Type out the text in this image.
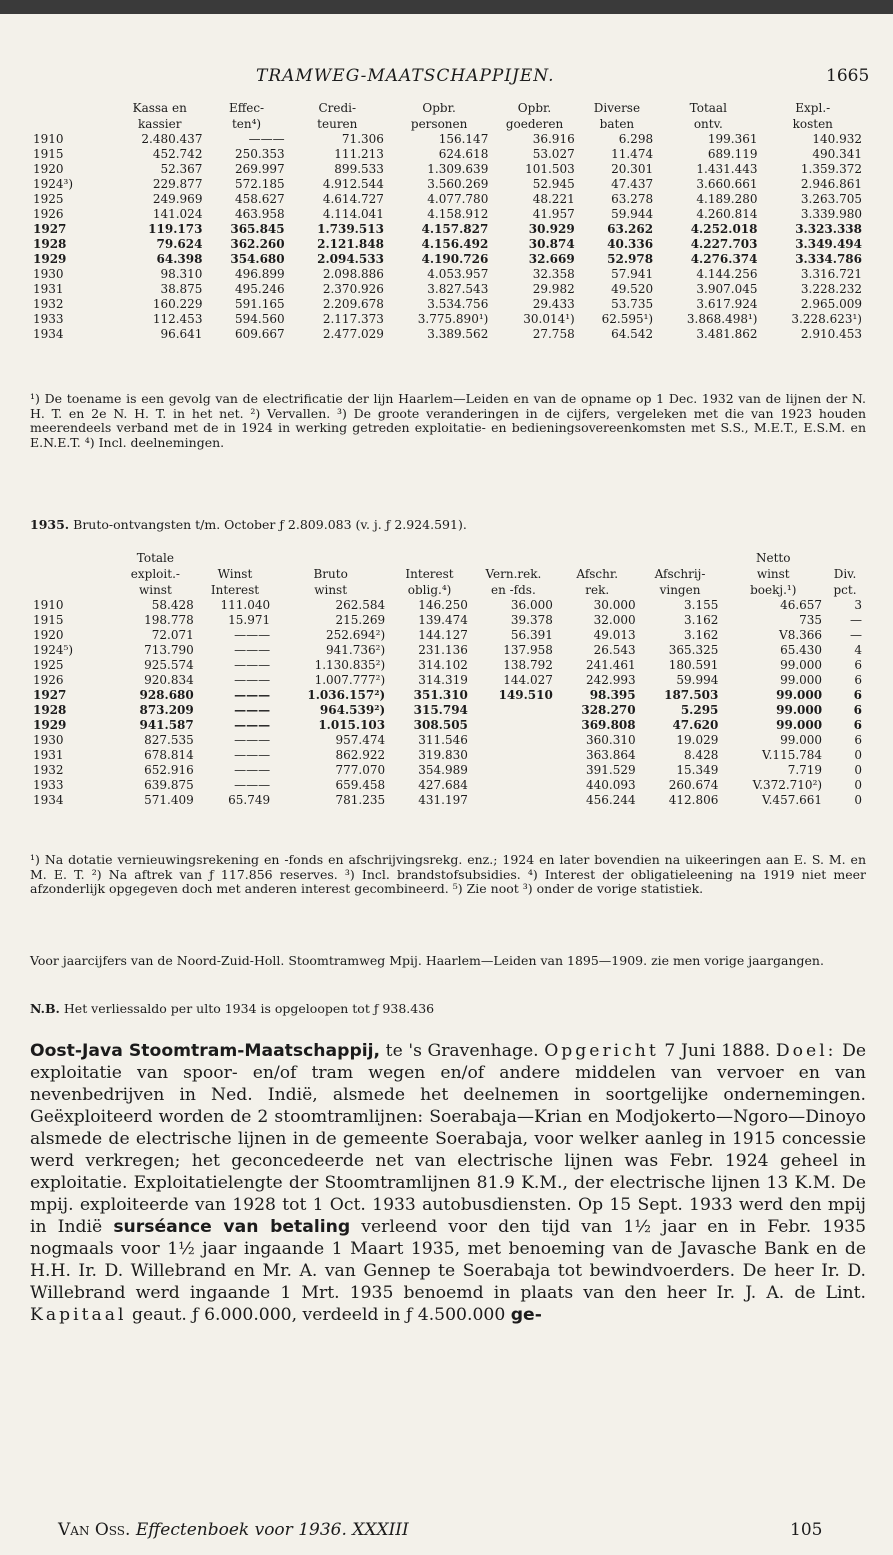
TRAMWEG-MAATSCHAPPIJEN.	1665
	Kassa en
kassier	Effec-
ten⁴)	Credi-
teuren	Opbr.
personen	Opbr.
goederen	Diverse
baten	Totaal
ontv.	Expl.-
kosten
1910	2.480.437	———	71.306	156.147	36.916	6.298	199.361	140.932
1915	452.742	250.353	111.213	624.618	53.027	11.474	689.119	490.341
1920	52.367	269.997	899.533	1.309.639	101.503	20.301	1.431.443	1.359.372
1924³)	229.877	572.185	4.912.544	3.560.269	52.945	47.437	3.660.661	2.946.861
1925	249.969	458.627	4.614.727	4.077.780	48.221	63.278	4.189.280	3.263.705
1926	141.024	463.958	4.114.041	4.158.912	41.957	59.944	4.260.814	3.339.980
1927	119.173	365.845	1.739.513	4.157.827	30.929	63.262	4.252.018	3.323.338
1928	79.624	362.260	2.121.848	4.156.492	30.874	40.336	4.227.703	3.349.494
1929	64.398	354.680	2.094.533	4.190.726	32.669	52.978	4.276.374	3.334.786
1930	98.310	496.899	2.098.886	4.053.957	32.358	57.941	4.144.256	3.316.721
1931	38.875	495.246	2.370.926	3.827.543	29.982	49.520	3.907.045	3.228.232
1932	160.229	591.165	2.209.678	3.534.756	29.433	53.735	3.617.924	2.965.009
1933	112.453	594.560	2.117.373	3.775.890¹)	30.014¹)	62.595¹)	3.868.498¹)	3.228.623¹)
1934	96.641	609.667	2.477.029	3.389.562	27.758	64.542	3.481.862	2.910.453

¹) De toename is een gevolg van de electrificatie der lijn Haarlem—Leiden en van de opname op 1 Dec. 1932 van de lijnen der N. H. T. en 2e N. H. T. in het net. ²) Vervallen. ³) De groote veranderingen in de cijfers, vergeleken met die van 1923 houden meerendeels verband met de in 1924 in werking getreden exploitatie- en bedieningsovereenkomsten met S.S., M.E.T., E.S.M. en E.N.E.T. ⁴) Incl. deelnemingen.

1935. Bruto-ontvangsten t/m. October ƒ 2.809.083 (v. j. ƒ 2.924.591).

	Totale
exploit.-
winst	Winst
Interest	Bruto
winst	Interest
oblig.⁴)	Vern.rek.
en -fds.	Afschr.
rek.	Afschrij-
vingen	Netto
winst
boekj.¹)	Div.
pct.
1910	58.428	111.040	262.584	146.250	36.000	30.000	3.155	46.657	3
1915	198.778	15.971	215.269	139.474	39.378	32.000	3.162	735	—
1920	72.071	———	252.694²)	144.127	56.391	49.013	3.162	V8.366	—
1924⁵)	713.790	———	941.736²)	231.136	137.958	26.543	365.325	65.430	4
1925	925.574	———	1.130.835²)	314.102	138.792	241.461	180.591	99.000	6
1926	920.834	———	1.007.777²)	314.319	144.027	242.993	59.994	99.000	6
1927	928.680	———	1.036.157²)	351.310	149.510	98.395	187.503	99.000	6
1928	873.209	———	964.539²)	315.794		328.270	5.295	99.000	6
1929	941.587	———	1.015.103	308.505		369.808	47.620	99.000	6
1930	827.535	———	957.474	311.546		360.310	19.029	99.000	6
1931	678.814	———	862.922	319.830		363.864	8.428	V.115.784	0
1932	652.916	———	777.070	354.989		391.529	15.349	7.719	0
1933	639.875	———	659.458	427.684		440.093	260.674	V.372.710²)	0
1934	571.409	65.749	781.235	431.197		456.244	412.806	V.457.661	0

¹) Na dotatie vernieuwingsrekening en -fonds en afschrijvingsrekg. enz.; 1924 en later bovendien na uikeeringen aan E. S. M. en M. E. T. ²) Na aftrek van ƒ 117.856 reserves. ³) Incl. brandstofsubsidies. ⁴) Interest der obligatieleening na 1919 niet meer afzonderlijk opgegeven doch met anderen interest gecombineerd. ⁵) Zie noot ³) onder de vorige statistiek.

Voor jaarcijfers van de Noord-Zuid-Holl. Stoomtramweg Mpij. Haarlem—Leiden van 1895—1909. zie men vorige jaargangen.

N.B. Het verliessaldo per ulto 1934 is opgeloopen tot ƒ 938.436

Oost-Java Stoomtram-Maatschappij, te 's Gravenhage. Opgericht 7 Juni 1888. Doel: De exploitatie van spoor- en/of tram wegen en/of andere middelen van vervoer en van nevenbedrijven in Ned. Indië, alsmede het deelnemen in soortgelijke ondernemingen. Geëxploiteerd worden de 2 stoomtramlijnen: Soerabaja—Krian en Modjokerto—Ngoro—Dinoyo alsmede de electrische lijnen in de gemeente Soerabaja, voor welker aanleg in 1915 concessie werd verkregen; het geconcedeerde net van electrische lijnen was Febr. 1924 geheel in exploitatie. Exploitatielengte der Stoomtramlijnen 81.9 K.M., der electrische lijnen 13 K.M. De mpij. exploiteerde van 1928 tot 1 Oct. 1933 autobusdiensten. Op 15 Sept. 1933 werd den mpij in Indië surséance van betaling verleend voor den tijd van 1½ jaar en in Febr. 1935 nogmaals voor 1½ jaar ingaande 1 Maart 1935, met benoeming van de Javasche Bank en de H.H. Ir. D. Willebrand en Mr. A. van Gennep te Soerabaja tot bewindvoerders. De heer Ir. D. Willebrand werd ingaande 1 Mrt. 1935 benoemd in plaats van den heer Ir. J. A. de Lint. Kapitaal geaut. ƒ 6.000.000, verdeeld in ƒ 4.500.000 ge-

Van Oss. Effectenboek voor 1936. XXXIII	105
